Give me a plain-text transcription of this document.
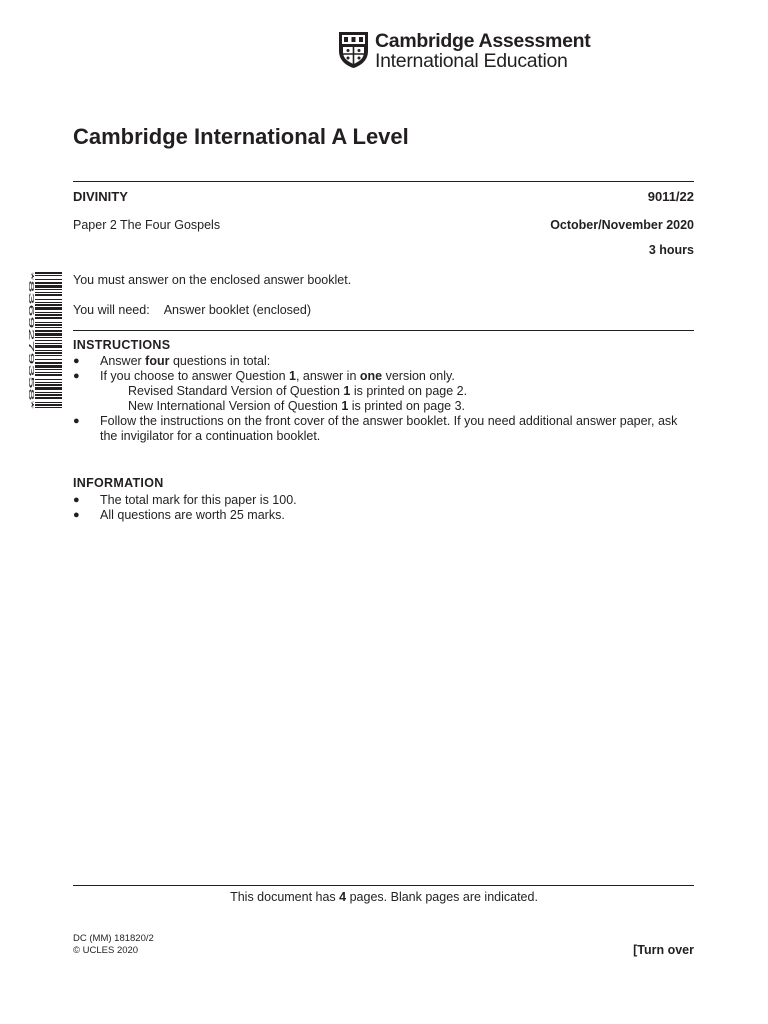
Cambridge Assessment
International Education
Cambridge International A Level
DIVINITY	9011/22
Paper 2 The Four Gospels	October/November 2020
3 hours
*8369279358*	You must answer on the enclosed answer booklet.
You will need: Answer booklet (enclosed)
INSTRUCTIONS
● Answer four questions in total:
● If you choose to answer Question 1, answer in one version only.
Revised Standard Version of Question 1 is printed on page 2.
New International Version of Question 1 is printed on page 3.
● Follow the instructions on the front cover of the answer booklet. If you need additional answer paper, ask the invigilator for a continuation booklet.
INFORMATION
● The total mark for this paper is 100.
● All questions are worth 25 marks.
This document has 4 pages. Blank pages are indicated.
DC (MM) 181820/2
© UCLES 2020	[Turn over
